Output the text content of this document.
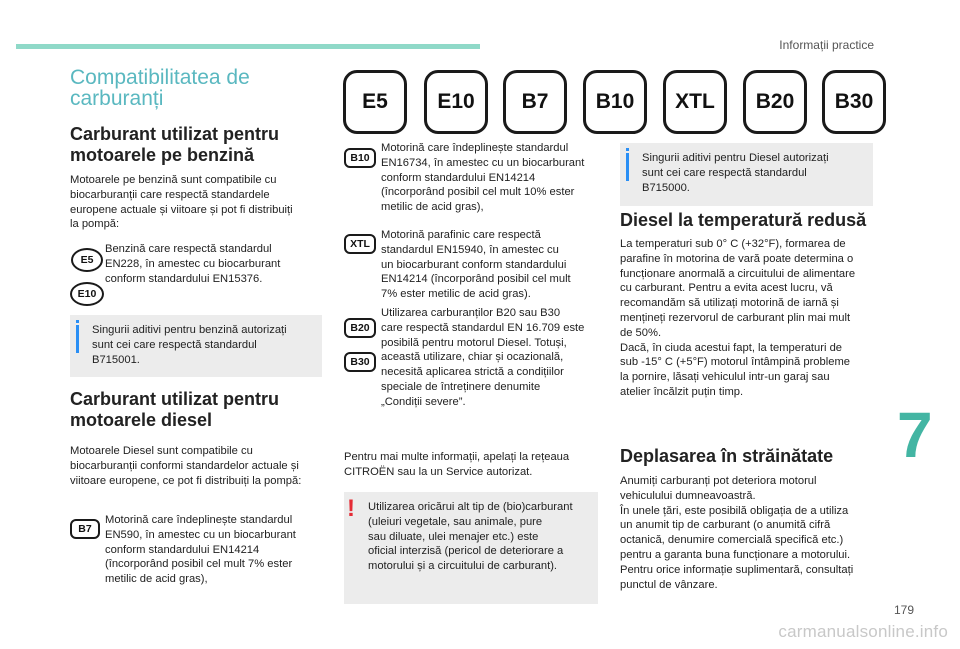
Informații practice
7
179
carmanualsonline.info
Compatibilitatea de
carburanți	E5	E10	B7	B10	XTL	B20	B30
Carburant utilizat pentru
motoarele pe benzină
Motoarele pe benzină sunt compatibile cu
biocarburanții care respectă standardele
europene actuale și viitoare și pot fi distribuiți
la pompă:
E5
E10
Benzină care respectă standardul
EN228, în amestec cu biocarburant
conform standardului EN15376.
Singurii aditivi pentru benzină autorizați
sunt cei care respectă standardul
B715001.
Carburant utilizat pentru
motoarele diesel
Motoarele Diesel sunt compatibile cu
biocarburanții conformi standardelor actuale și
viitoare europene, ce pot fi distribuiți la pompă:
B7
Motorină care îndeplinește standardul
EN590, în amestec cu un biocarburant
conform standardului EN14214
(încorporând posibil cel mult 7% ester
metilic de acid gras),
B10
Motorină care îndeplinește standardul
EN16734, în amestec cu un biocarburant
conform standardului EN14214
(încorporând posibil cel mult 10% ester
metilic de acid gras),
XTL
Motorină parafinic care respectă
standardul EN15940, în amestec cu
un biocarburant conform standardului
EN14214 (încorporând posibil cel mult
7% ester metilic de acid gras).
B20
B30
Utilizarea carburanților B20 sau B30
care respectă standardul EN 16.709 este
posibilă pentru motorul Diesel. Totuși,
această utilizare, chiar și ocazională,
necesită aplicarea strictă a condițiilor
speciale de întreținere denumite
„Condiții severe”.
Pentru mai multe informații, apelați la rețeaua
CITROËN sau la un Service autorizat.
! Utilizarea oricărui alt tip de (bio)carburant
(uleiuri vegetale, sau animale, pure
sau diluate, ulei menajer etc.) este
oficial interzisă (pericol de deteriorare a
motorului și a circuitului de carburant).
Singurii aditivi pentru Diesel autorizați
sunt cei care respectă standardul
B715000.
Diesel la temperatură redusă
La temperaturi sub 0° C (+32°F), formarea de
parafine în motorina de vară poate determina o
funcționare anormală a circuitului de alimentare
cu carburant. Pentru a evita acest lucru, vă
recomandăm să utilizați motorină de iarnă și
mențineți rezervorul de carburant plin mai mult
de 50%.
Dacă, în ciuda acestui fapt, la temperaturi de
sub -15° C (+5°F) motorul întâmpină probleme
la pornire, lăsați vehiculul intr-un garaj sau
atelier încălzit puțin timp.
Deplasarea în străinătate
Anumiți carburanți pot deteriora motorul
vehiculului dumneavoastră.
În unele țări, este posibilă obligația de a utiliza
un anumit tip de carburant (o anumită cifră
octanică, denumire comercială specifică etc.)
pentru a garanta buna funcționare a motorului.
Pentru orice informație suplimentară, consultați
punctul de vânzare.
